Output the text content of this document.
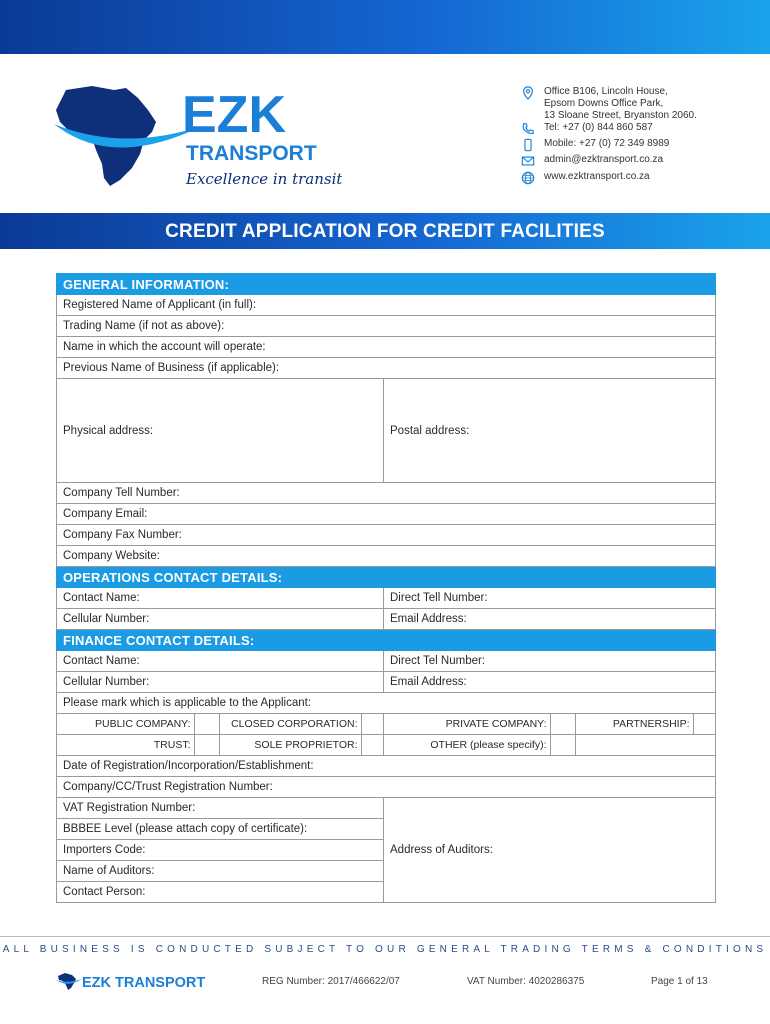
EZK
TRANSPORT
Excellence in transit
Office B106, Lincoln House,
Epsom Downs Office Park,
13 Sloane Street, Bryanston 2060.
Tel: +27 (0) 844 860 587
Mobile: +27 (0) 72 349 8989
admin@ezktransport.co.za
www.ezktransport.co.za
CREDIT APPLICATION FOR CREDIT FACILITIES
GENERAL INFORMATION:
Registered Name of Applicant (in full):
Trading Name (if not as above):
Name in which the account will operate:
Previous Name of Business (if applicable):
Physical address:	Postal address:
Company Tell Number:
Company Email:
Company Fax Number:
Company Website:
OPERATIONS CONTACT DETAILS:
Contact Name:	Direct Tell Number:
Cellular Number:	Email Address:
FINANCE CONTACT DETAILS:
Contact Name:	Direct Tel Number:
Cellular Number:	Email Address:
Please mark which is applicable to the Applicant:

PUBLIC COMPANY:		CLOSED CORPORATION:		PRIVATE COMPANY:		PARTNERSHIP:	
TRUST:		SOLE PROPRIETOR:		OTHER (please specify):			

Date of Registration/Incorporation/Establishment:
Company/CC/Trust Registration Number:
VAT Registration Number:	Address of Auditors:
BBBEE Level (please attach copy of certificate):
Importers Code:
Name of Auditors:
Contact Person:
ALL BUSINESS IS CONDUCTED SUBJECT TO OUR GENERAL TRADING TERMS & CONDITIONS
EZK TRANSPORT	REG Number: 2017/466622/07	VAT Number: 4020286375	Page 1 of 13
